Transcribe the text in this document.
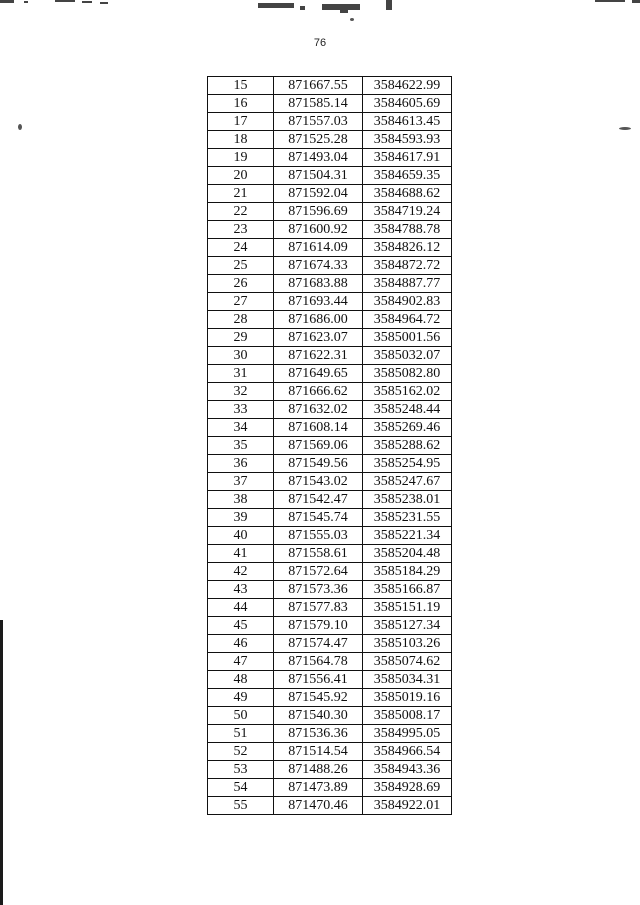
76
15	871667.55	3584622.99
16	871585.14	3584605.69
17	871557.03	3584613.45
18	871525.28	3584593.93
19	871493.04	3584617.91
20	871504.31	3584659.35
21	871592.04	3584688.62
22	871596.69	3584719.24
23	871600.92	3584788.78
24	871614.09	3584826.12
25	871674.33	3584872.72
26	871683.88	3584887.77
27	871693.44	3584902.83
28	871686.00	3584964.72
29	871623.07	3585001.56
30	871622.31	3585032.07
31	871649.65	3585082.80
32	871666.62	3585162.02
33	871632.02	3585248.44
34	871608.14	3585269.46
35	871569.06	3585288.62
36	871549.56	3585254.95
37	871543.02	3585247.67
38	871542.47	3585238.01
39	871545.74	3585231.55
40	871555.03	3585221.34
41	871558.61	3585204.48
42	871572.64	3585184.29
43	871573.36	3585166.87
44	871577.83	3585151.19
45	871579.10	3585127.34
46	871574.47	3585103.26
47	871564.78	3585074.62
48	871556.41	3585034.31
49	871545.92	3585019.16
50	871540.30	3585008.17
51	871536.36	3584995.05
52	871514.54	3584966.54
53	871488.26	3584943.36
54	871473.89	3584928.69
55	871470.46	3584922.01
